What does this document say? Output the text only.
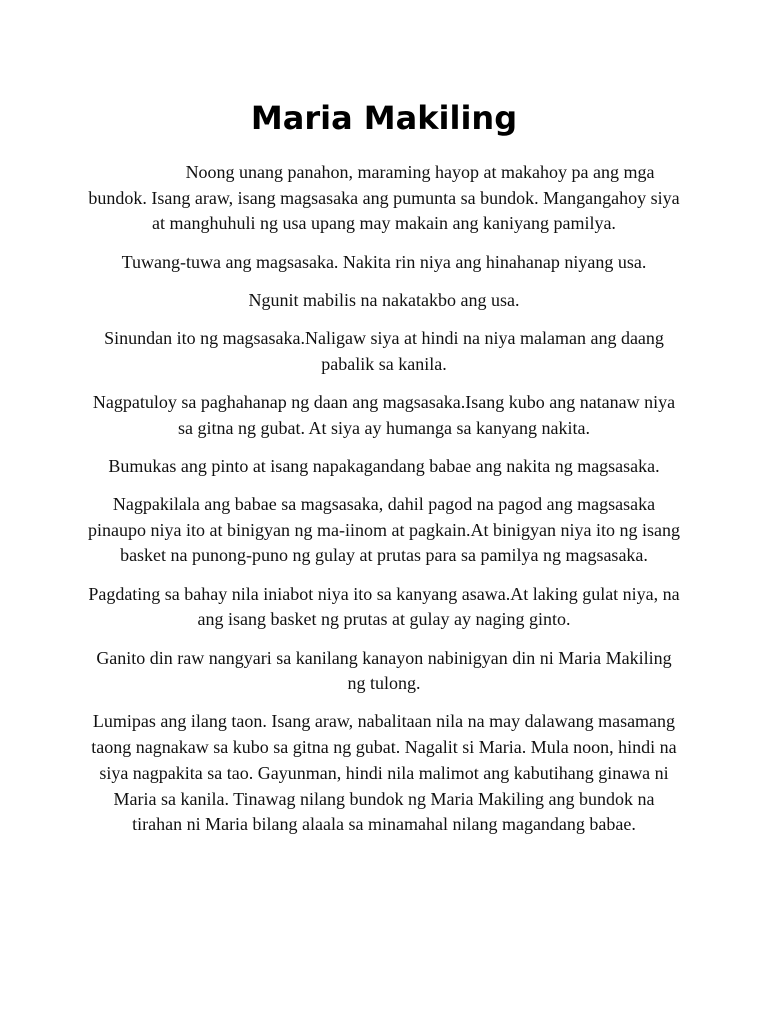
Maria Makiling

Noong unang panahon, maraming hayop at makahoy pa ang mga bundok. Isang araw, isang magsasaka ang pumunta sa bundok. Mangangahoy siya at manghuhuli ng usa upang may makain ang kaniyang pamilya.

Tuwang-tuwa ang magsasaka. Nakita rin niya ang hinahanap niyang usa.

Ngunit mabilis na nakatakbo ang usa.

Sinundan ito ng magsasaka.Naligaw siya at hindi na niya malaman ang daang pabalik sa kanila.

Nagpatuloy sa paghahanap ng daan ang magsasaka.Isang kubo ang natanaw niya sa gitna ng gubat. At siya ay humanga sa kanyang nakita.

Bumukas ang pinto at isang napakagandang babae ang nakita ng magsasaka.

Nagpakilala ang babae sa magsasaka, dahil pagod na pagod ang magsasaka pinaupo niya ito at binigyan ng ma-iinom at pagkain.At binigyan niya ito ng isang basket na punong-puno ng gulay at prutas para sa pamilya ng magsasaka.

Pagdating sa bahay nila iniabot niya ito sa kanyang asawa.At laking gulat niya, na ang isang basket ng prutas at gulay ay naging ginto.

Ganito din raw nangyari sa kanilang kanayon nabinigyan din ni Maria Makiling ng tulong.

Lumipas ang ilang taon. Isang araw, nabalitaan nila na may dalawang masamang taong nagnakaw sa kubo sa gitna ng gubat. Nagalit si Maria. Mula noon, hindi na siya nagpakita sa tao. Gayunman, hindi nila malimot ang kabutihang ginawa ni Maria sa kanila. Tinawag nilang bundok ng Maria Makiling ang bundok na tirahan ni Maria bilang alaala sa minamahal nilang magandang babae.
